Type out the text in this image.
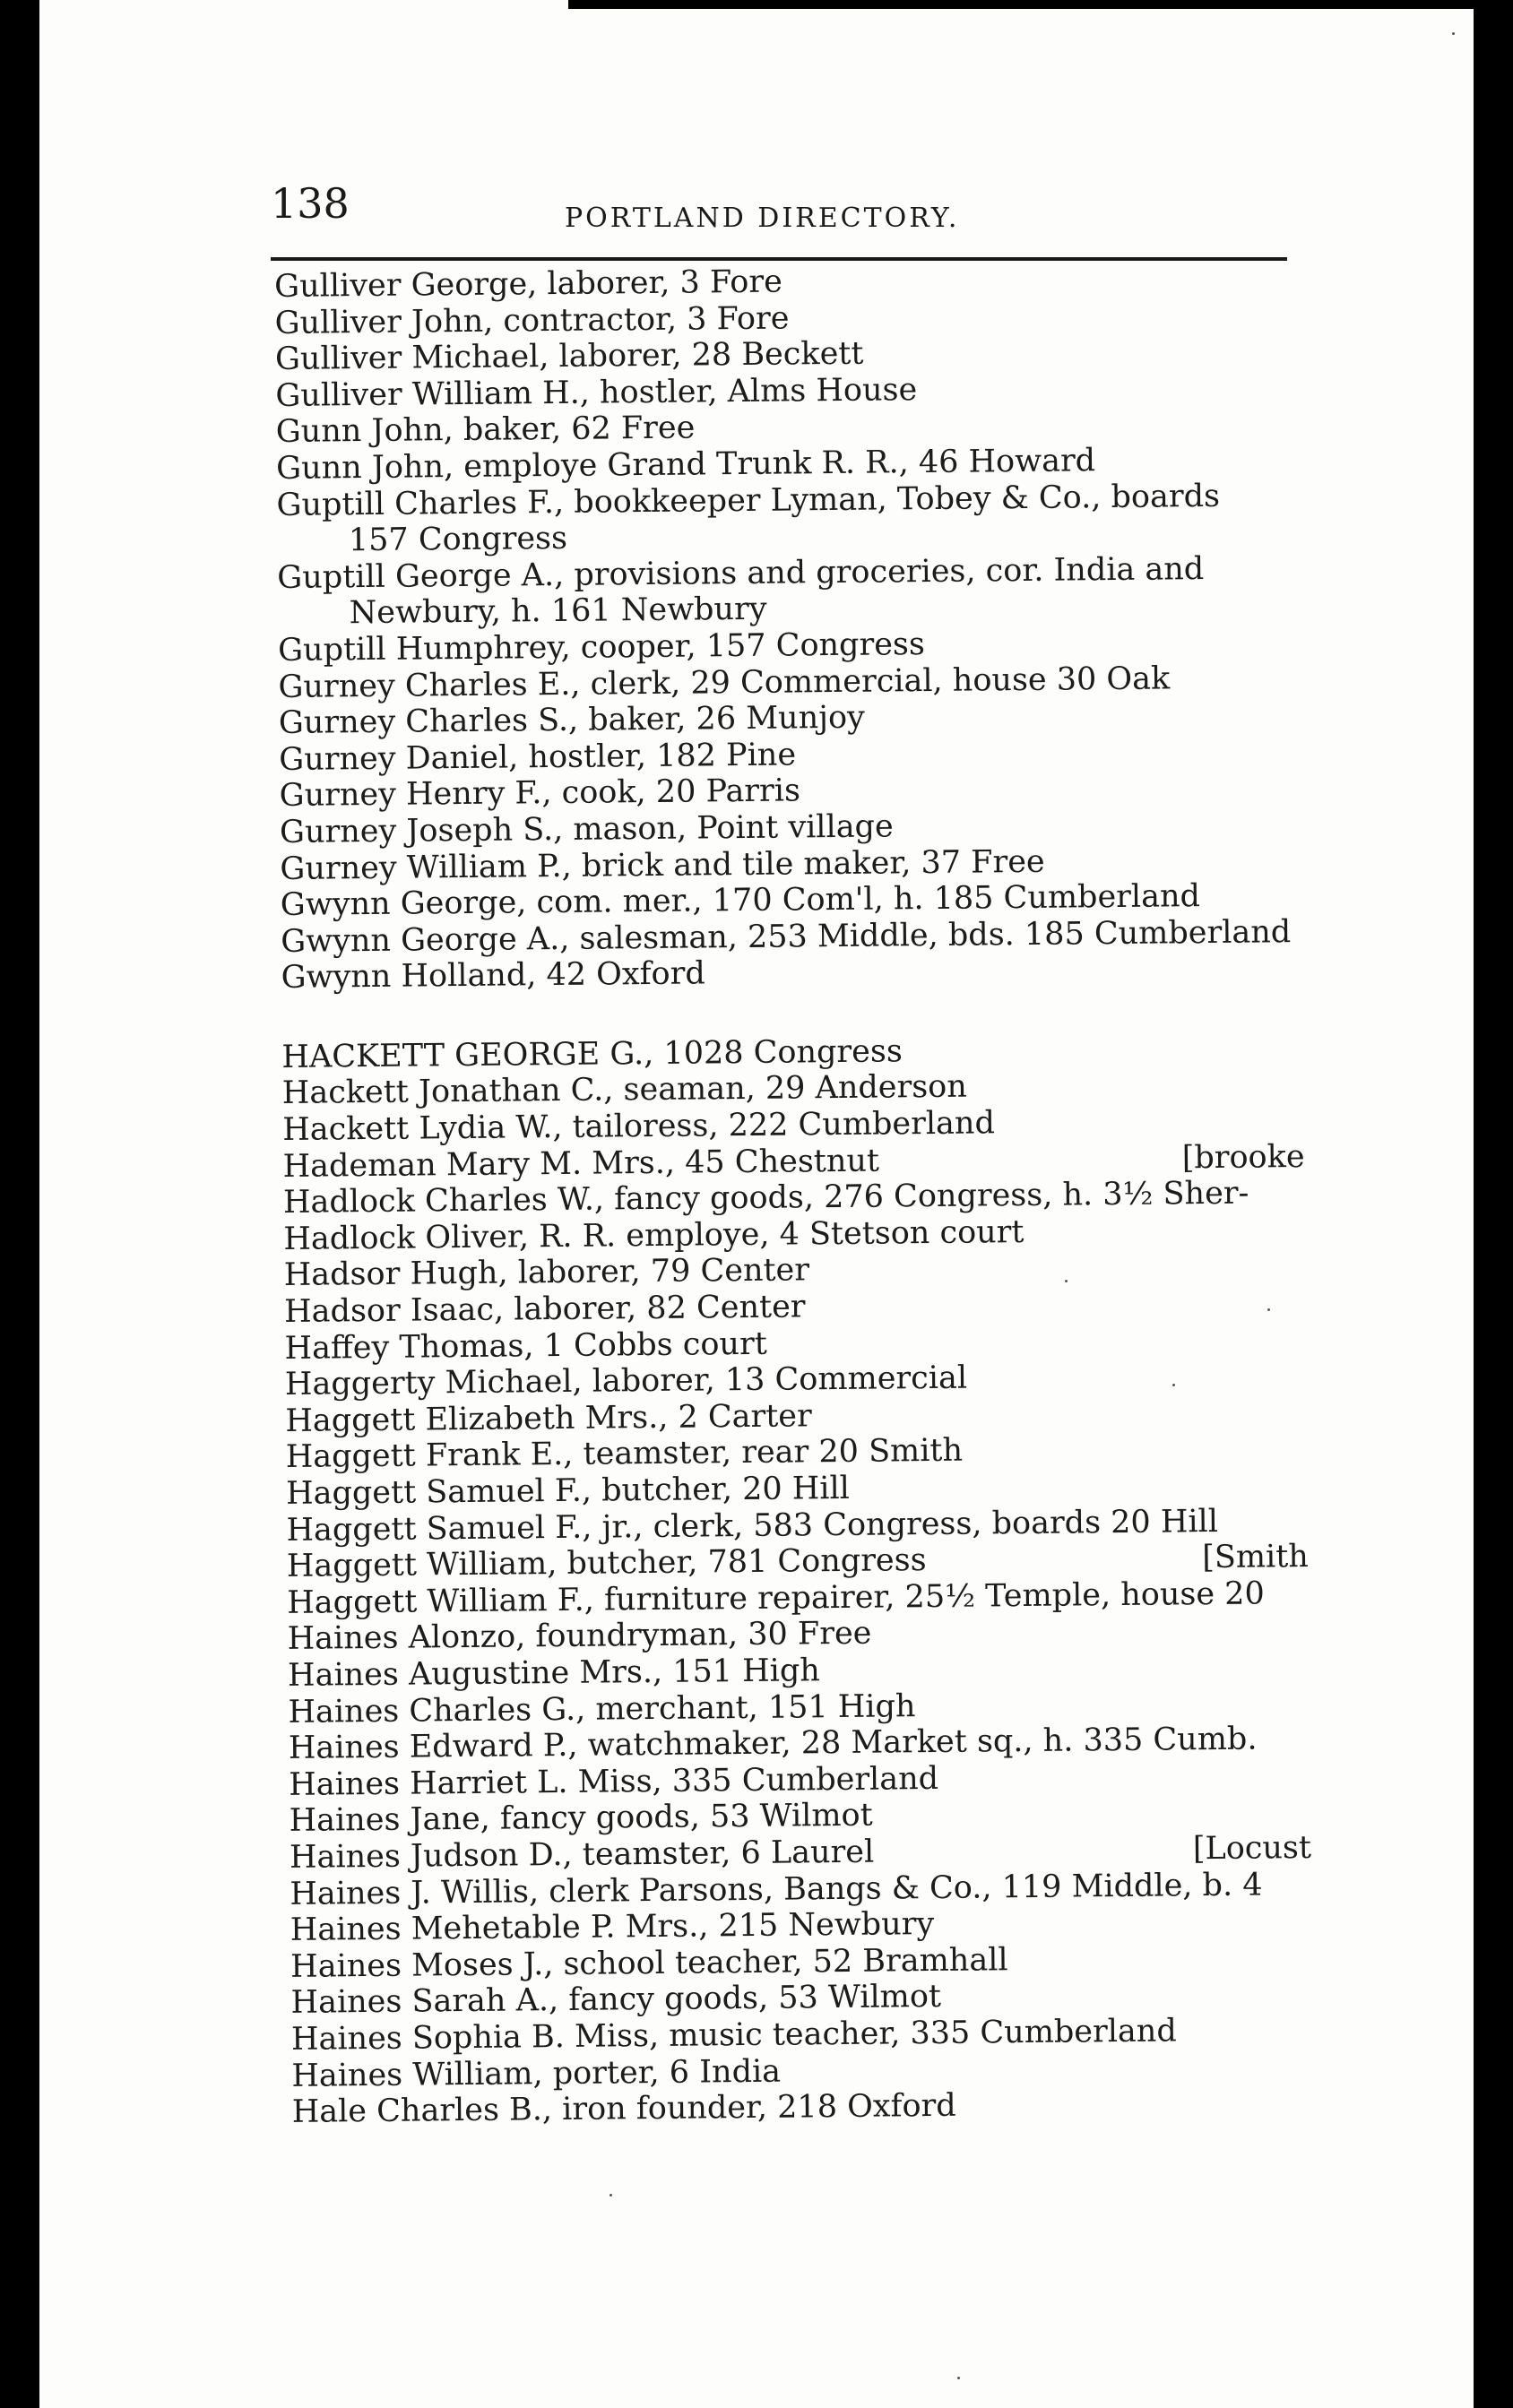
138	PORTLAND DIRECTORY.
Gulliver George, laborer, 3 Fore
Gulliver John, contractor, 3 Fore
Gulliver Michael, laborer, 28 Beckett
Gulliver William H., hostler, Alms House
Gunn John, baker, 62 Free
Gunn John, employe Grand Trunk R. R., 46 Howard
Guptill Charles F., bookkeeper Lyman, Tobey & Co., boards
157 Congress
Guptill George A., provisions and groceries, cor. India and
Newbury, h. 161 Newbury
Guptill Humphrey, cooper, 157 Congress
Gurney Charles E., clerk, 29 Commercial, house 30 Oak
Gurney Charles S., baker, 26 Munjoy
Gurney Daniel, hostler, 182 Pine
Gurney Henry F., cook, 20 Parris
Gurney Joseph S., mason, Point village
Gurney William P., brick and tile maker, 37 Free
Gwynn George, com. mer., 170 Com'l, h. 185 Cumberland
Gwynn George A., salesman, 253 Middle, bds. 185 Cumberland
Gwynn Holland, 42 Oxford
HACKETT GEORGE G., 1028 Congress
Hackett Jonathan C., seaman, 29 Anderson
Hackett Lydia W., tailoress, 222 Cumberland
Hademan Mary M. Mrs., 45 Chestnut	[brooke
Hadlock Charles W., fancy goods, 276 Congress, h. 3½ Sher-
Hadlock Oliver, R. R. employe, 4 Stetson court
Hadsor Hugh, laborer, 79 Center
Hadsor Isaac, laborer, 82 Center
Haffey Thomas, 1 Cobbs court
Haggerty Michael, laborer, 13 Commercial
Haggett Elizabeth Mrs., 2 Carter
Haggett Frank E., teamster, rear 20 Smith
Haggett Samuel F., butcher, 20 Hill
Haggett Samuel F., jr., clerk, 583 Congress, boards 20 Hill
Haggett William, butcher, 781 Congress	[Smith
Haggett William F., furniture repairer, 25½ Temple, house 20
Haines Alonzo, foundryman, 30 Free
Haines Augustine Mrs., 151 High
Haines Charles G., merchant, 151 High
Haines Edward P., watchmaker, 28 Market sq., h. 335 Cumb.
Haines Harriet L. Miss, 335 Cumberland
Haines Jane, fancy goods, 53 Wilmot
Haines Judson D., teamster, 6 Laurel	[Locust
Haines J. Willis, clerk Parsons, Bangs & Co., 119 Middle, b. 4
Haines Mehetable P. Mrs., 215 Newbury
Haines Moses J., school teacher, 52 Bramhall
Haines Sarah A., fancy goods, 53 Wilmot
Haines Sophia B. Miss, music teacher, 335 Cumberland
Haines William, porter, 6 India
Hale Charles B., iron founder, 218 Oxford
